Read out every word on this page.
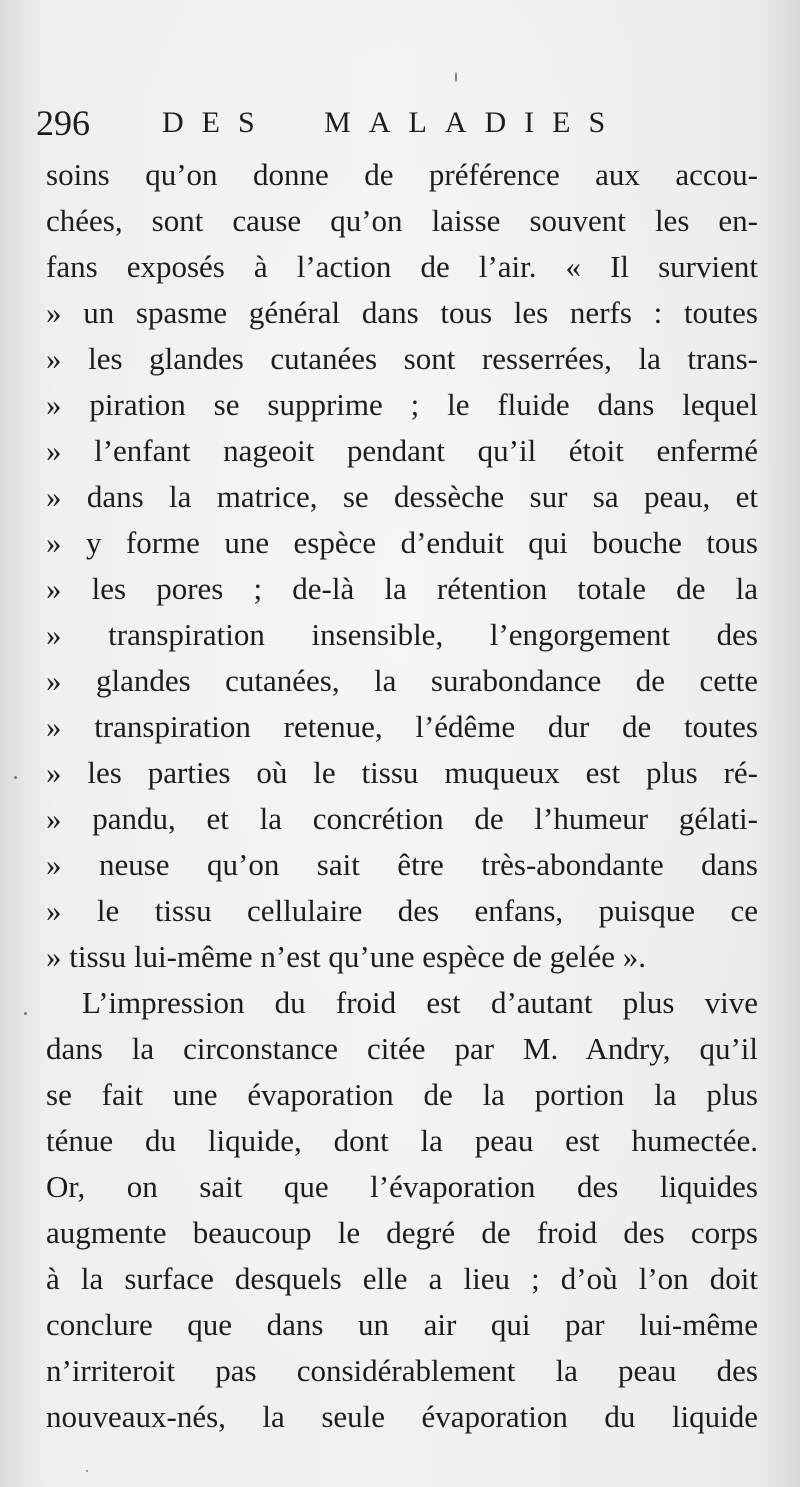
296 DES MALADIES
soins qu’on donne de préférence aux accou-
chées, sont cause qu’on laisse souvent les en-
fans exposés à l’action de l’air. « Il survient
» un spasme général dans tous les nerfs : toutes
» les glandes cutanées sont resserrées, la trans-
» piration se supprime ; le fluide dans lequel
» l’enfant nageoit pendant qu’il étoit enfermé
» dans la matrice, se dessèche sur sa peau, et
» y forme une espèce d’enduit qui bouche tous
» les pores ; de-là la rétention totale de la
» transpiration insensible, l’engorgement des
» glandes cutanées, la surabondance de cette
» transpiration retenue, l’édême dur de toutes
» les parties où le tissu muqueux est plus ré-
» pandu, et la concrétion de l’humeur gélati-
» neuse qu’on sait être très-abondante dans
» le tissu cellulaire des enfans, puisque ce
» tissu lui-même n’est qu’une espèce de gelée ».
L’impression du froid est d’autant plus vive
dans la circonstance citée par M. Andry, qu’il
se fait une évaporation de la portion la plus
ténue du liquide, dont la peau est humectée.
Or, on sait que l’évaporation des liquides
augmente beaucoup le degré de froid des corps
à la surface desquels elle a lieu ; d’où l’on doit
conclure que dans un air qui par lui-même
n’irriteroit pas considérablement la peau des
nouveaux-nés, la seule évaporation du liquide
